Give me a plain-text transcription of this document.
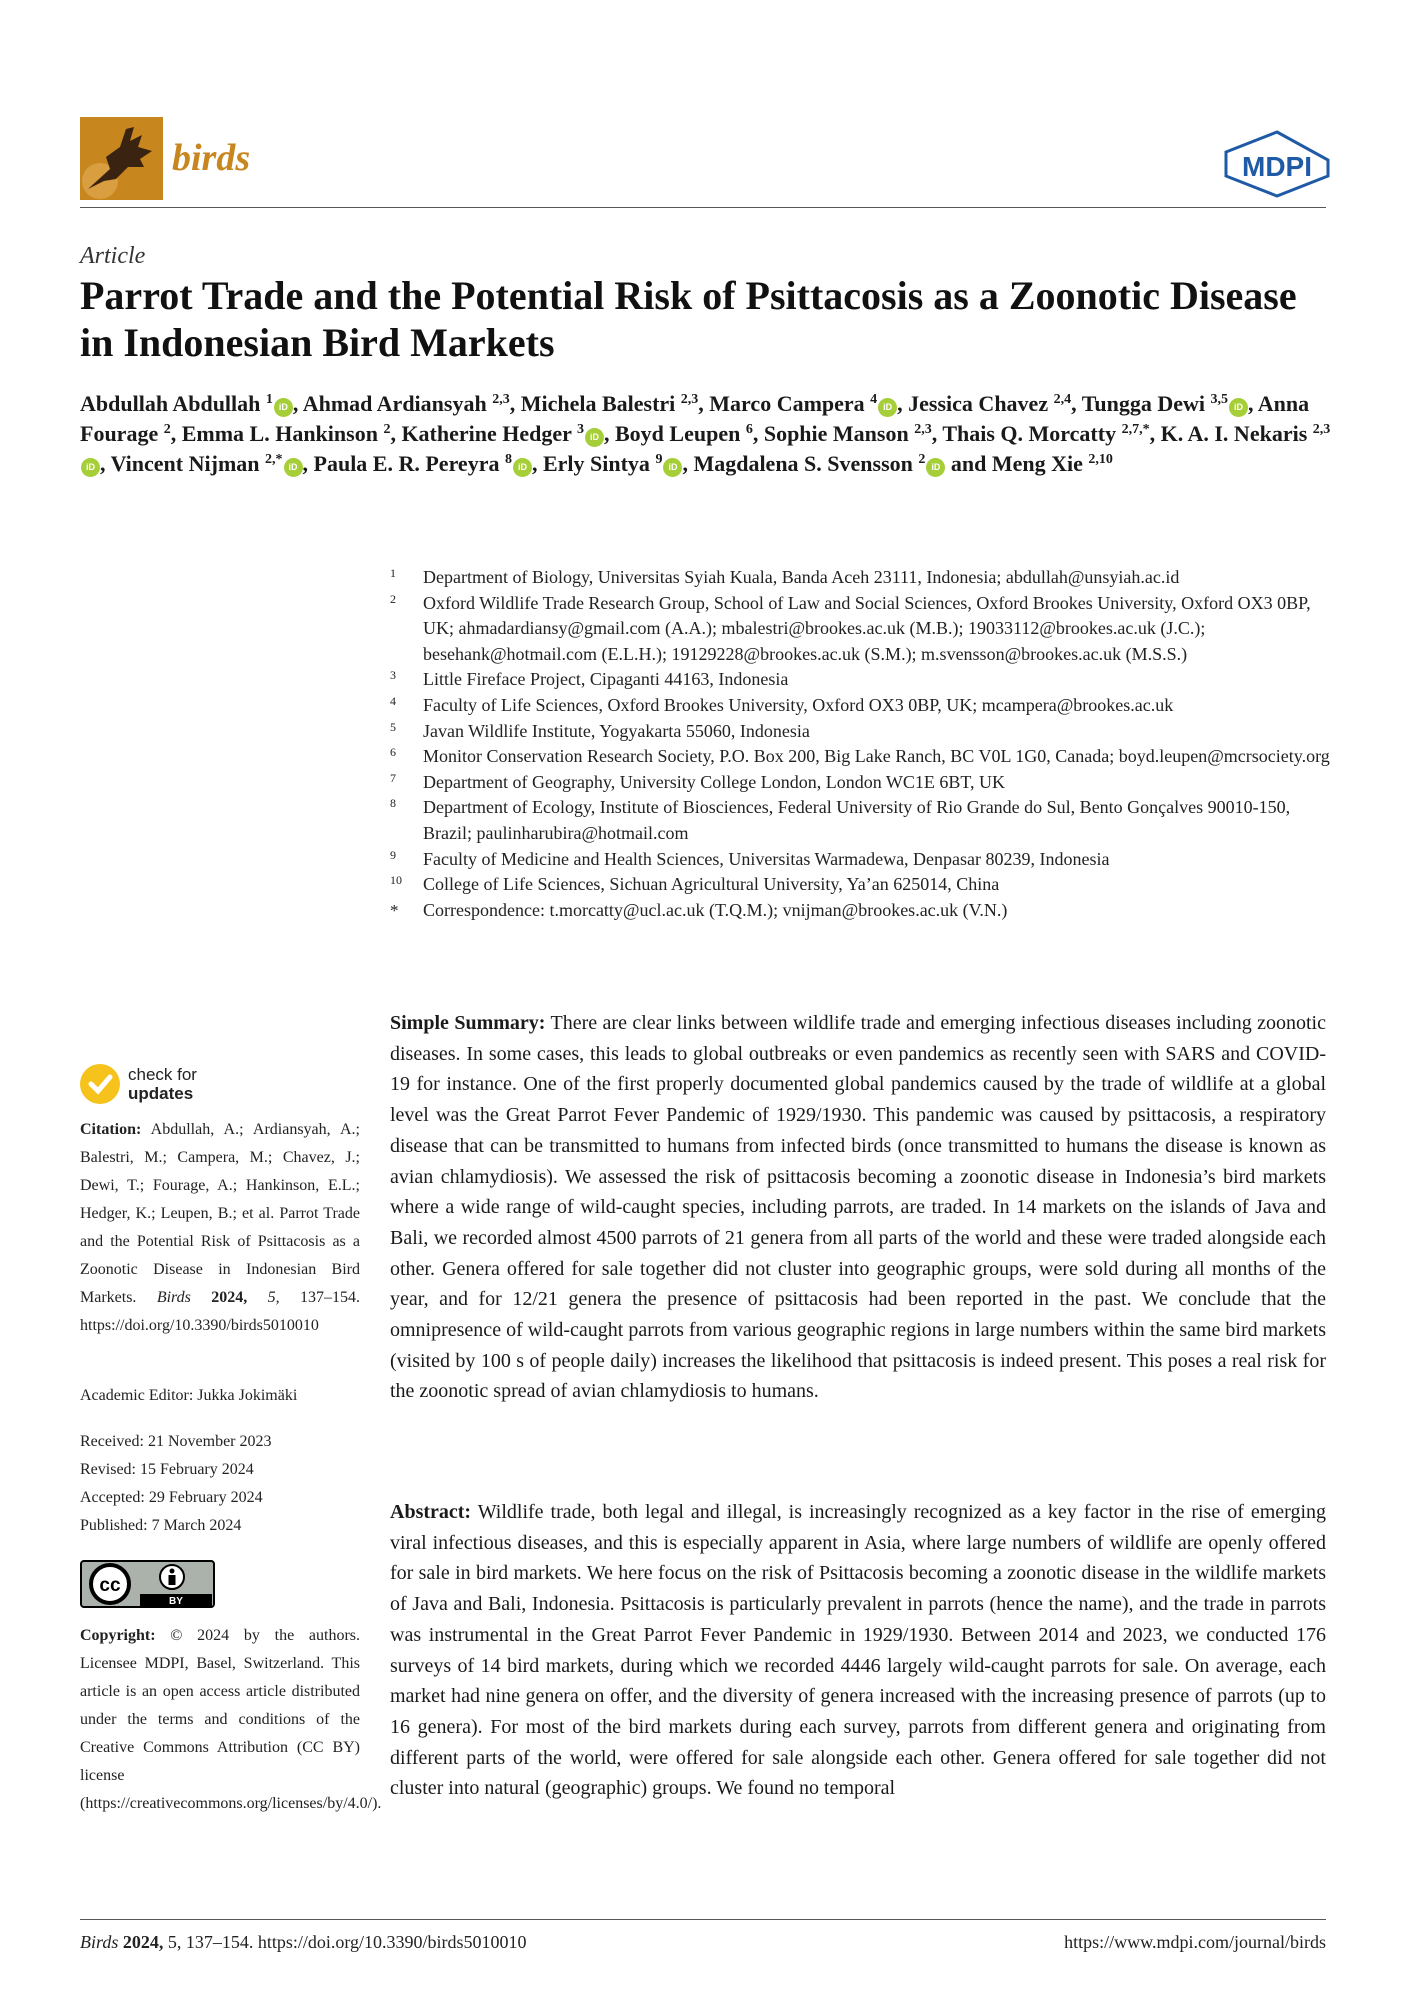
birds	MDPI
Article
Parrot Trade and the Potential Risk of Psittacosis as a Zoonotic Disease in Indonesian Bird Markets
Abdullah Abdullah $^1$ iD , Ahmad Ardiansyah $^{2,3}$, Michela Balestri $^{2,3}$, Marco Campera $^4$ iD , Jessica Chavez $^{2,4}$, Tungga Dewi $^{3,5}$ iD , Anna Fourage $^2$, Emma L. Hankinson $^2$, Katherine Hedger $^3$ iD , Boyd Leupen $^6$, Sophie Manson $^{2,3}$, Thais Q. Morcatty $^{2,7,*}$, K. A. I. Nekaris $^{2,3}$iD , Vincent Nijman $^{2,*}$ iD , Paula E. R. Pereyra $^8$ iD , Erly Sintya $^9$ iD , Magdalena S. Svensson $^2$ iD and Meng Xie $^{2,10}$
1 Department of Biology, Universitas Syiah Kuala, Banda Aceh 23111, Indonesia; abdullah@unsyiah.ac.id
2 Oxford Wildlife Trade Research Group, School of Law and Social Sciences, Oxford Brookes University, Oxford OX3 0BP, UK; ahmadardiansy@gmail.com (A.A.); mbalestri@brookes.ac.uk (M.B.); 19033112@brookes.ac.uk (J.C.); besehank@hotmail.com (E.L.H.); 19129228@brookes.ac.uk (S.M.); m.svensson@brookes.ac.uk (M.S.S.)
3 Little Fireface Project, Cipaganti 44163, Indonesia
4 Faculty of Life Sciences, Oxford Brookes University, Oxford OX3 0BP, UK; mcampera@brookes.ac.uk
5 Javan Wildlife Institute, Yogyakarta 55060, Indonesia
6 Monitor Conservation Research Society, P.O. Box 200, Big Lake Ranch, BC V0L 1G0, Canada; boyd.leupen@mcrsociety.org
7 Department of Geography, University College London, London WC1E 6BT, UK
8 Department of Ecology, Institute of Biosciences, Federal University of Rio Grande do Sul, Bento Gonçalves 90010-150, Brazil; paulinharubira@hotmail.com
9 Faculty of Medicine and Health Sciences, Universitas Warmadewa, Denpasar 80239, Indonesia
10 College of Life Sciences, Sichuan Agricultural University, Ya’an 625014, China
* Correspondence: t.morcatty@ucl.ac.uk (T.Q.M.); vnijman@brookes.ac.uk (V.N.)
check for
updates
Citation: Abdullah, A.; Ardiansyah, A.; Balestri, M.; Campera, M.; Chavez, J.; Dewi, T.; Fourage, A.; Hankinson, E.L.; Hedger, K.; Leupen, B.; et al. Parrot Trade and the Potential Risk of Psittacosis as a Zoonotic Disease in Indonesian Bird Markets. Birds 2024, 5, 137–154. https://doi.org/10.3390/birds5010010
Academic Editor: Jukka Jokimäki
Received: 21 November 2023
Revised: 15 February 2024
Accepted: 29 February 2024
Published: 7 March 2024
cc
BY
Copyright: © 2024 by the authors. Licensee MDPI, Basel, Switzerland. This article is an open access article distributed under the terms and conditions of the Creative Commons Attribution (CC BY) license (https://creativecommons.org/licenses/by/4.0/).
Simple Summary: There are clear links between wildlife trade and emerging infectious diseases including zoonotic diseases. In some cases, this leads to global outbreaks or even pandemics as recently seen with SARS and COVID-19 for instance. One of the first properly documented global pandemics caused by the trade of wildlife at a global level was the Great Parrot Fever Pandemic of 1929/1930. This pandemic was caused by psittacosis, a respiratory disease that can be transmitted to humans from infected birds (once transmitted to humans the disease is known as avian chlamydiosis). We assessed the risk of psittacosis becoming a zoonotic disease in Indonesia’s bird markets where a wide range of wild-caught species, including parrots, are traded. In 14 markets on the islands of Java and Bali, we recorded almost 4500 parrots of 21 genera from all parts of the world and these were traded alongside each other. Genera offered for sale together did not cluster into geographic groups, were sold during all months of the year, and for 12/21 genera the presence of psittacosis had been reported in the past. We conclude that the omnipresence of wild-caught parrots from various geographic regions in large numbers within the same bird markets (visited by 100 s of people daily) increases the likelihood that psittacosis is indeed present. This poses a real risk for the zoonotic spread of avian chlamydiosis to humans.
Abstract: Wildlife trade, both legal and illegal, is increasingly recognized as a key factor in the rise of emerging viral infectious diseases, and this is especially apparent in Asia, where large numbers of wildlife are openly offered for sale in bird markets. We here focus on the risk of Psittacosis becoming a zoonotic disease in the wildlife markets of Java and Bali, Indonesia. Psittacosis is particularly prevalent in parrots (hence the name), and the trade in parrots was instrumental in the Great Parrot Fever Pandemic in 1929/1930. Between 2014 and 2023, we conducted 176 surveys of 14 bird markets, during which we recorded 4446 largely wild-caught parrots for sale. On average, each market had nine genera on offer, and the diversity of genera increased with the increasing presence of parrots (up to 16 genera). For most of the bird markets during each survey, parrots from different genera and originating from different parts of the world, were offered for sale alongside each other. Genera offered for sale together did not cluster into natural (geographic) groups. We found no temporal
Birds 2024, 5, 137–154. https://doi.org/10.3390/birds5010010	https://www.mdpi.com/journal/birds
